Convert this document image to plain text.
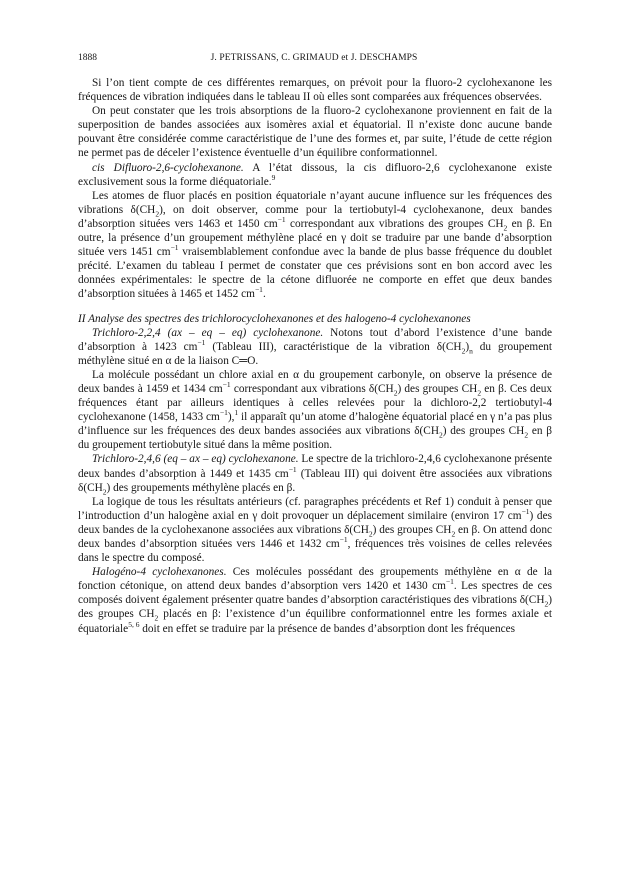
1888	J. PETRISSANS, C. GRIMAUD et J. DESCHAMPS

Si l’on tient compte de ces différentes remarques, on prévoit pour la fluoro-2 cyclohexanone les fréquences de vibration indiquées dans le tableau II où elles sont comparées aux fréquences observées.

On peut constater que les trois absorptions de la fluoro-2 cyclohexanone proviennent en fait de la superposition de bandes associées aux isomères axial et équatorial. Il n’existe donc aucune bande pouvant être considérée comme caractéristique de l’une des formes et, par suite, l’étude de cette région ne permet pas de déceler l’existence éventuelle d’un équilibre conformationnel.

cis Difluoro-2,6-cyclohexanone. A l’état dissous, la cis difluoro-2,6 cyclohexanone existe exclusivement sous la forme diéquatoriale.$^9$

Les atomes de fluor placés en position équatoriale n’ayant aucune influence sur les fréquences des vibrations $\delta(CH_2)$, on doit observer, comme pour la tertiobutyl-4 cyclohexanone, deux bandes d’absorption situées vers 1463 et 1450 $cm^{-1}$ correspondant aux vibrations des groupes $CH_2$ en β. En outre, la présence d’un groupement méthylène placé en γ doit se traduire par une bande d’absorption située vers 1451 $cm^{-1}$ vraisemblablement confondue avec la bande de plus basse fréquence du doublet précité. L’examen du tableau I permet de constater que ces prévisions sont en bon accord avec les données expérimentales: le spectre de la cétone difluorée ne comporte en effet que deux bandes d’absorption situées à 1465 et 1452 $cm^{-1}$.

II Analyse des spectres des trichlorocyclohexanones et des halogeno-4 cyclohexanones

Trichloro-2,2,4 (ax – eq – eq) cyclohexanone. Notons tout d’abord l’existence d’une bande d’absorption à 1423 $cm^{-1}$ (Tableau III), caractéristique de la vibration $\delta(CH_2)_n$ du groupement méthylène situé en α de la liaison C═O.

La molécule possédant un chlore axial en α du groupement carbonyle, on observe la présence de deux bandes à 1459 et 1434 $cm^{-1}$ correspondant aux vibrations $\delta(CH_2)$ des groupes $CH_2$ en β. Ces deux fréquences étant par ailleurs identiques à celles relevées pour la dichloro-2,2 tertiobutyl-4 cyclohexanone (1458, 1433 $cm^{-1}),^1$ il apparaît qu’un atome d’halogène équatorial placé en γ n’a pas plus d’influence sur les fréquences des deux bandes associées aux vibrations $\delta(CH_2)$ des groupes $CH_2$ en β du groupement tertiobutyle situé dans la même position.

Trichloro-2,4,6 (eq – ax – eq) cyclohexanone. Le spectre de la trichloro-2,4,6 cyclohexanone présente deux bandes d’absorption à 1449 et 1435 $cm^{-1}$ (Tableau III) qui doivent être associées aux vibrations $\delta(CH_2)$ des groupements méthylène placés en β.

La logique de tous les résultats antérieurs (cf. paragraphes précédents et Ref 1) conduit à penser que l’introduction d’un halogène axial en γ doit provoquer un déplacement similaire (environ 17 $cm^{-1}$) des deux bandes de la cyclohexanone associées aux vibrations $\delta(CH_2)$ des groupes $CH_2$ en β. On attend donc deux bandes d’absorption situées vers 1446 et 1432 $cm^{-1}$, fréquences très voisines de celles relevées dans le spectre du composé.

Halogéno-4 cyclohexanones. Ces molécules possédant des groupements méthylène en α de la fonction cétonique, on attend deux bandes d’absorption vers 1420 et 1430 $cm^{-1}$. Les spectres de ces composés doivent également présenter quatre bandes d’absorption caractéristiques des vibrations $\delta(CH_2)$ des groupes $CH_2$ placés en β: l’existence d’un équilibre conformationnel entre les formes axiale et équatoriale$^{5, 6}$ doit en effet se traduire par la présence de bandes d’absorption dont les fréquences
